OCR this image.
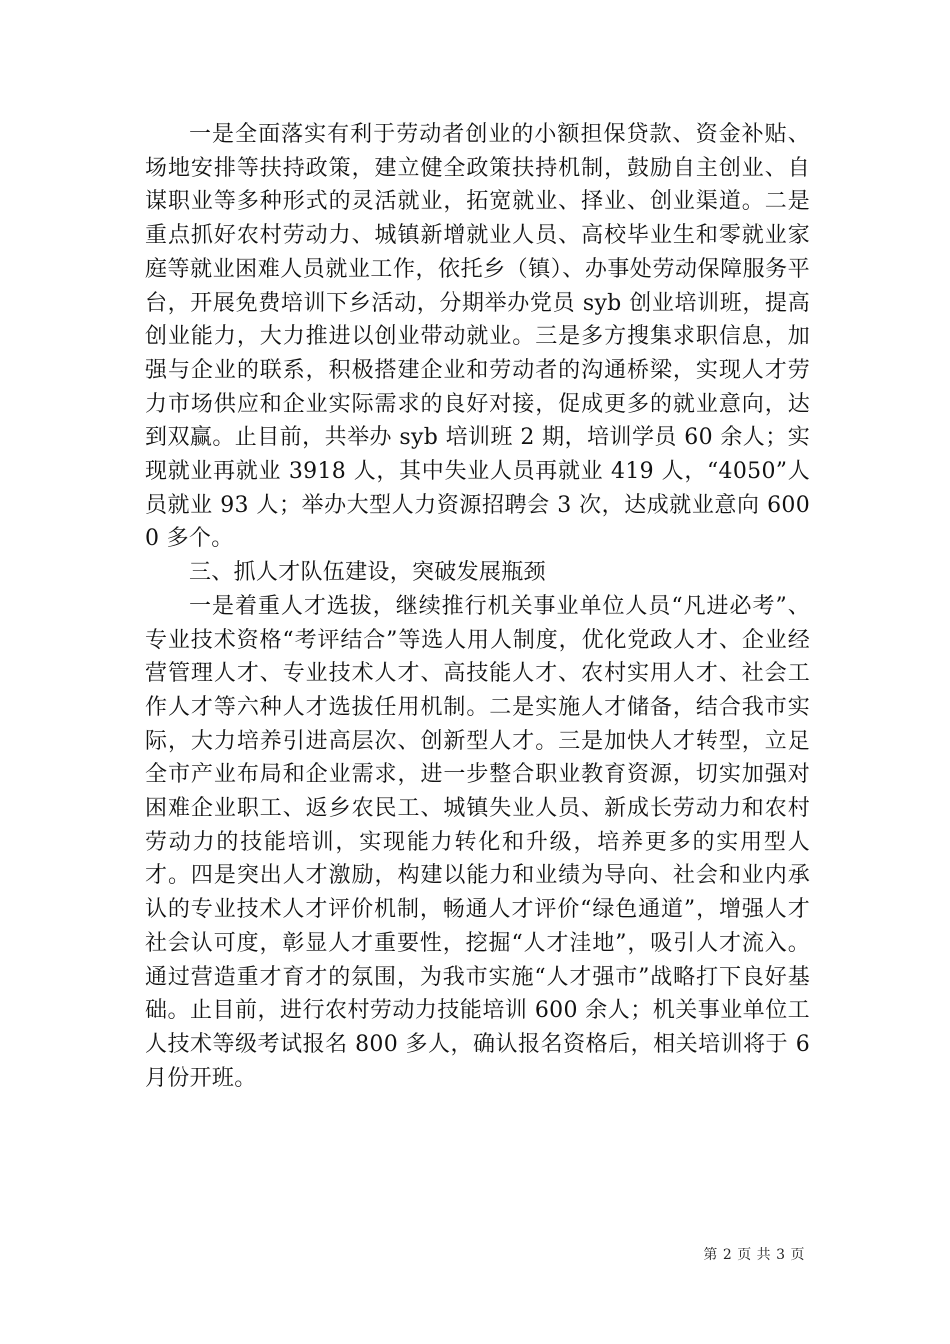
一是全面落实有利于劳动者创业的小额担保贷款、资金补贴、场地安排等扶持政策，建立健全政策扶持机制，鼓励自主创业、自谋职业等多种形式的灵活就业，拓宽就业、择业、创业渠道。二是重点抓好农村劳动力、城镇新增就业人员、高校毕业生和零就业家庭等就业困难人员就业工作，依托乡（镇）、办事处劳动保障服务平台，开展免费培训下乡活动，分期举办党员 syb 创业培训班，提高创业能力，大力推进以创业带动就业。三是多方搜集求职信息，加强与企业的联系，积极搭建企业和劳动者的沟通桥梁，实现人才劳力市场供应和企业实际需求的良好对接，促成更多的就业意向，达到双赢。止目前，共举办 syb 培训班 2 期，培训学员 60 余人；实现就业再就业 3918 人，其中失业人员再就业 419 人，“4050”人员就业 93 人；举办大型人力资源招聘会 3 次，达成就业意向 6000 多个。

三、抓人才队伍建设，突破发展瓶颈

一是着重人才选拔，继续推行机关事业单位人员“凡进必考”、专业技术资格“考评结合”等选人用人制度，优化党政人才、企业经营管理人才、专业技术人才、高技能人才、农村实用人才、社会工作人才等六种人才选拔任用机制。二是实施人才储备，结合我市实际，大力培养引进高层次、创新型人才。三是加快人才转型，立足全市产业布局和企业需求，进一步整合职业教育资源，切实加强对困难企业职工、返乡农民工、城镇失业人员、新成长劳动力和农村劳动力的技能培训，实现能力转化和升级，培养更多的实用型人才。四是突出人才激励，构建以能力和业绩为导向、社会和业内承认的专业技术人才评价机制，畅通人才评价“绿色通道”，增强人才社会认可度，彰显人才重要性，挖掘“人才洼地”，吸引人才流入。通过营造重才育才的氛围，为我市实施“人才强市”战略打下良好基础。止目前，进行农村劳动力技能培训 600 余人；机关事业单位工人技术等级考试报名 800 多人，确认报名资格后，相关培训将于 6 月份开班。

第 2 页 共 3 页
